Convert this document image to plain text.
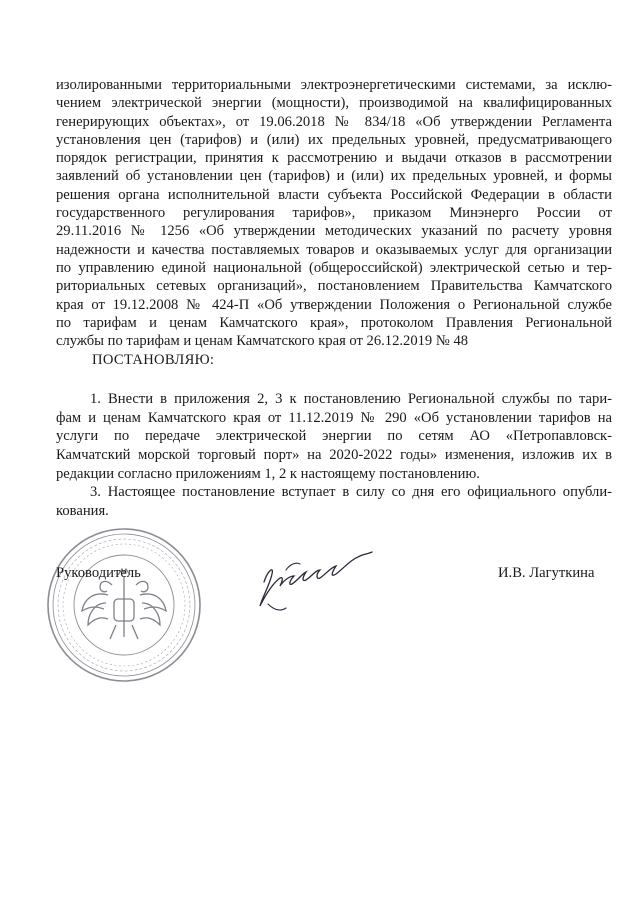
изолированными территориальными электроэнергетическими системами, за исклю-
чением электрической энергии (мощности), производимой на квалифицированных
генерирующих объектах», от 19.06.2018 № 834/18 «Об утверждении Регламента
установления цен (тарифов) и (или) их предельных уровней, предусматривающего
порядок регистрации, принятия к рассмотрению и выдачи отказов в рассмотрении
заявлений об установлении цен (тарифов) и (или) их предельных уровней, и формы
решения органа исполнительной власти субъекта Российской Федерации в области
государственного регулирования тарифов», приказом Минэнерго России от
29.11.2016 № 1256 «Об утверждении методических указаний по расчету уровня
надежности и качества поставляемых товаров и оказываемых услуг для организации
по управлению единой национальной (общероссийской) электрической сетью и тер-
риториальных сетевых организаций», постановлением Правительства Камчатского
края от 19.12.2008 № 424-П «Об утверждении Положения о Региональной службе
по тарифам и ценам Камчатского края», протоколом Правления Региональной
службы по тарифам и ценам Камчатского края от 26.12.2019 № 48
ПОСТАНОВЛЯЮ:
1. Внести в приложения 2, 3 к постановлению Региональной службы по тари-
фам и ценам Камчатского края от 11.12.2019 № 290 «Об установлении тарифов на
услуги по передаче электрической энергии по сетям АО «Петропавловск-
Камчатский морской торговый порт» на 2020-2022 годы» изменения, изложив их в
редакции согласно приложениям 1, 2 к настоящему постановлению.
3. Настоящее постановление вступает в силу со дня его официального опубли-
кования.
Руководитель	И.В. Лагуткина
